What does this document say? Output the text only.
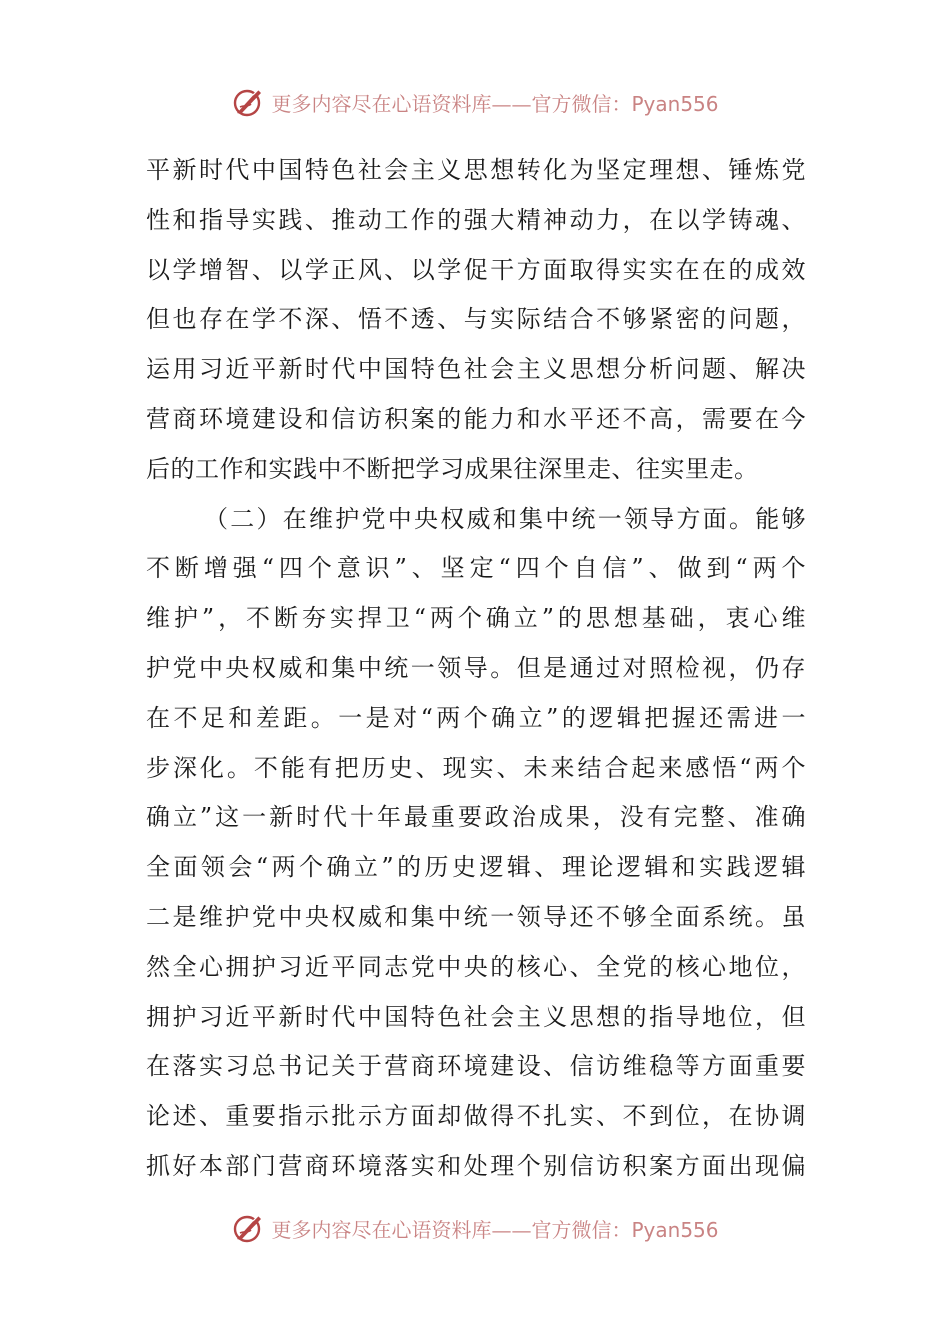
更多内容尽在心语资料库——官方微信：Pyan556
平新时代中国特色社会主义思想转化为坚定理想、锤炼党
性和指导实践、推动工作的强大精神动力，在以学铸魂、
以学增智、以学正风、以学促干方面取得实实在在的成效
但也存在学不深、悟不透、与实际结合不够紧密的问题，
运用习近平新时代中国特色社会主义思想分析问题、解决
营商环境建设和信访积案的能力和水平还不高，需要在今
后的工作和实践中不断把学习成果往深里走、往实里走。
（二）在维护党中央权威和集中统一领导方面。能够
不断增强“四个意识”、坚定“四个自信”、做到“两个
维护”，不断夯实捍卫“两个确立”的思想基础，衷心维
护党中央权威和集中统一领导。但是通过对照检视，仍存
在不足和差距。一是对“两个确立”的逻辑把握还需进一
步深化。不能有把历史、现实、未来结合起来感悟“两个
确立”这一新时代十年最重要政治成果，没有完整、准确
全面领会“两个确立”的历史逻辑、理论逻辑和实践逻辑
二是维护党中央权威和集中统一领导还不够全面系统。虽
然全心拥护习近平同志党中央的核心、全党的核心地位，
拥护习近平新时代中国特色社会主义思想的指导地位，但
在落实习总书记关于营商环境建设、信访维稳等方面重要
论述、重要指示批示方面却做得不扎实、不到位，在协调
抓好本部门营商环境落实和处理个别信访积案方面出现偏
更多内容尽在心语资料库——官方微信：Pyan556
